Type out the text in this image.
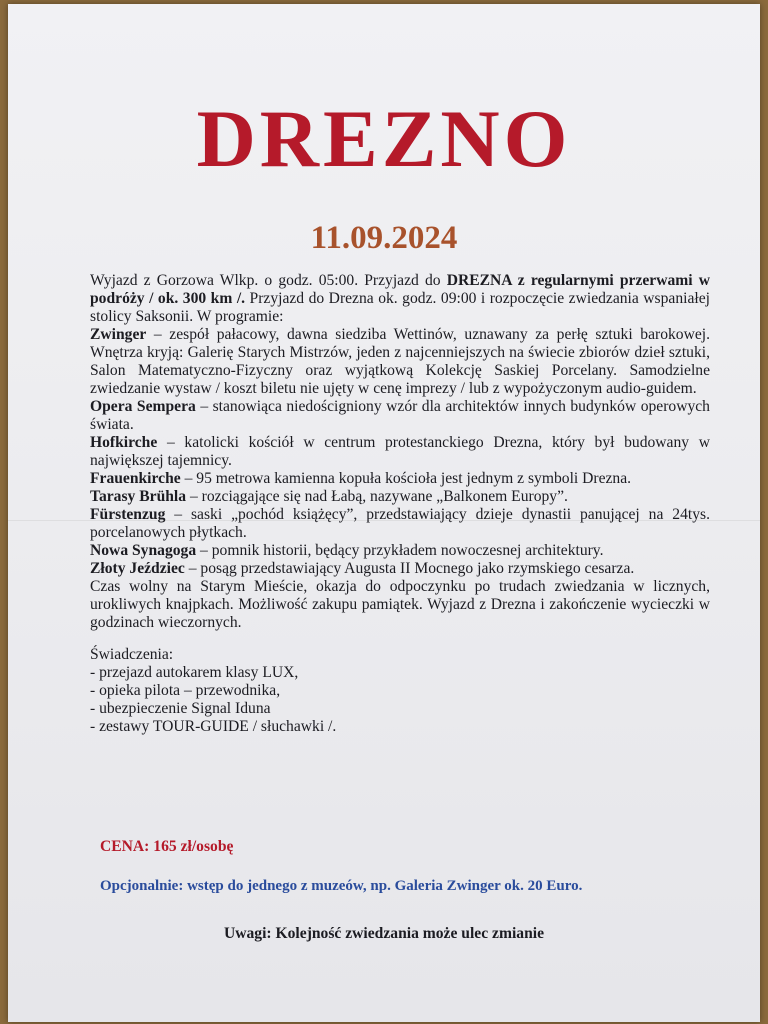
DREZNO
11.09.2024

Wyjazd z Gorzowa Wlkp. o godz. 05:00. Przyjazd do DREZNA z regularnymi przerwami w podróży / ok. 300 km /. Przyjazd do Drezna ok. godz. 09:00 i rozpoczęcie zwiedzania wspaniałej stolicy Saksonii. W programie:

Zwinger – zespół pałacowy, dawna siedziba Wettinów, uznawany za perłę sztuki barokowej. Wnętrza kryją: Galerię Starych Mistrzów, jeden z najcenniejszych na świecie zbiorów dzieł sztuki, Salon Matematyczno-Fizyczny oraz wyjątkową Kolekcję Saskiej Porcelany. Samodzielne zwiedzanie wystaw / koszt biletu nie ujęty w cenę imprezy / lub z wypożyczonym audio-guidem.

Opera Sempera – stanowiąca niedościgniony wzór dla architektów innych budynków operowych świata.

Hofkirche – katolicki kościół w centrum protestanckiego Drezna, który był budowany w największej tajemnicy.

Frauenkirche – 95 metrowa kamienna kopuła kościoła jest jednym z symboli Drezna.

Tarasy Brühla – rozciągające się nad Łabą, nazywane „Balkonem Europy”.

Fürstenzug – saski „pochód książęcy”, przedstawiający dzieje dynastii panującej na 24tys. porcelanowych płytkach.

Nowa Synagoga – pomnik historii, będący przykładem nowoczesnej architektury.

Złoty Jeździec – posąg przedstawiający Augusta II Mocnego jako rzymskiego cesarza.

Czas wolny na Starym Mieście, okazja do odpoczynku po trudach zwiedzania w licznych, urokliwych knajpkach. Możliwość zakupu pamiątek. Wyjazd z Drezna i zakończenie wycieczki w godzinach wieczornych.

Świadczenia:

- przejazd autokarem klasy LUX,
- opieka pilota – przewodnika,
- ubezpieczenie Signal Iduna
- zestawy TOUR-GUIDE / słuchawki /.
CENA: 165 zł/osobę
Opcjonalnie: wstęp do jednego z muzeów, np. Galeria Zwinger ok. 20 Euro.
Uwagi: Kolejność zwiedzania może ulec zmianie
